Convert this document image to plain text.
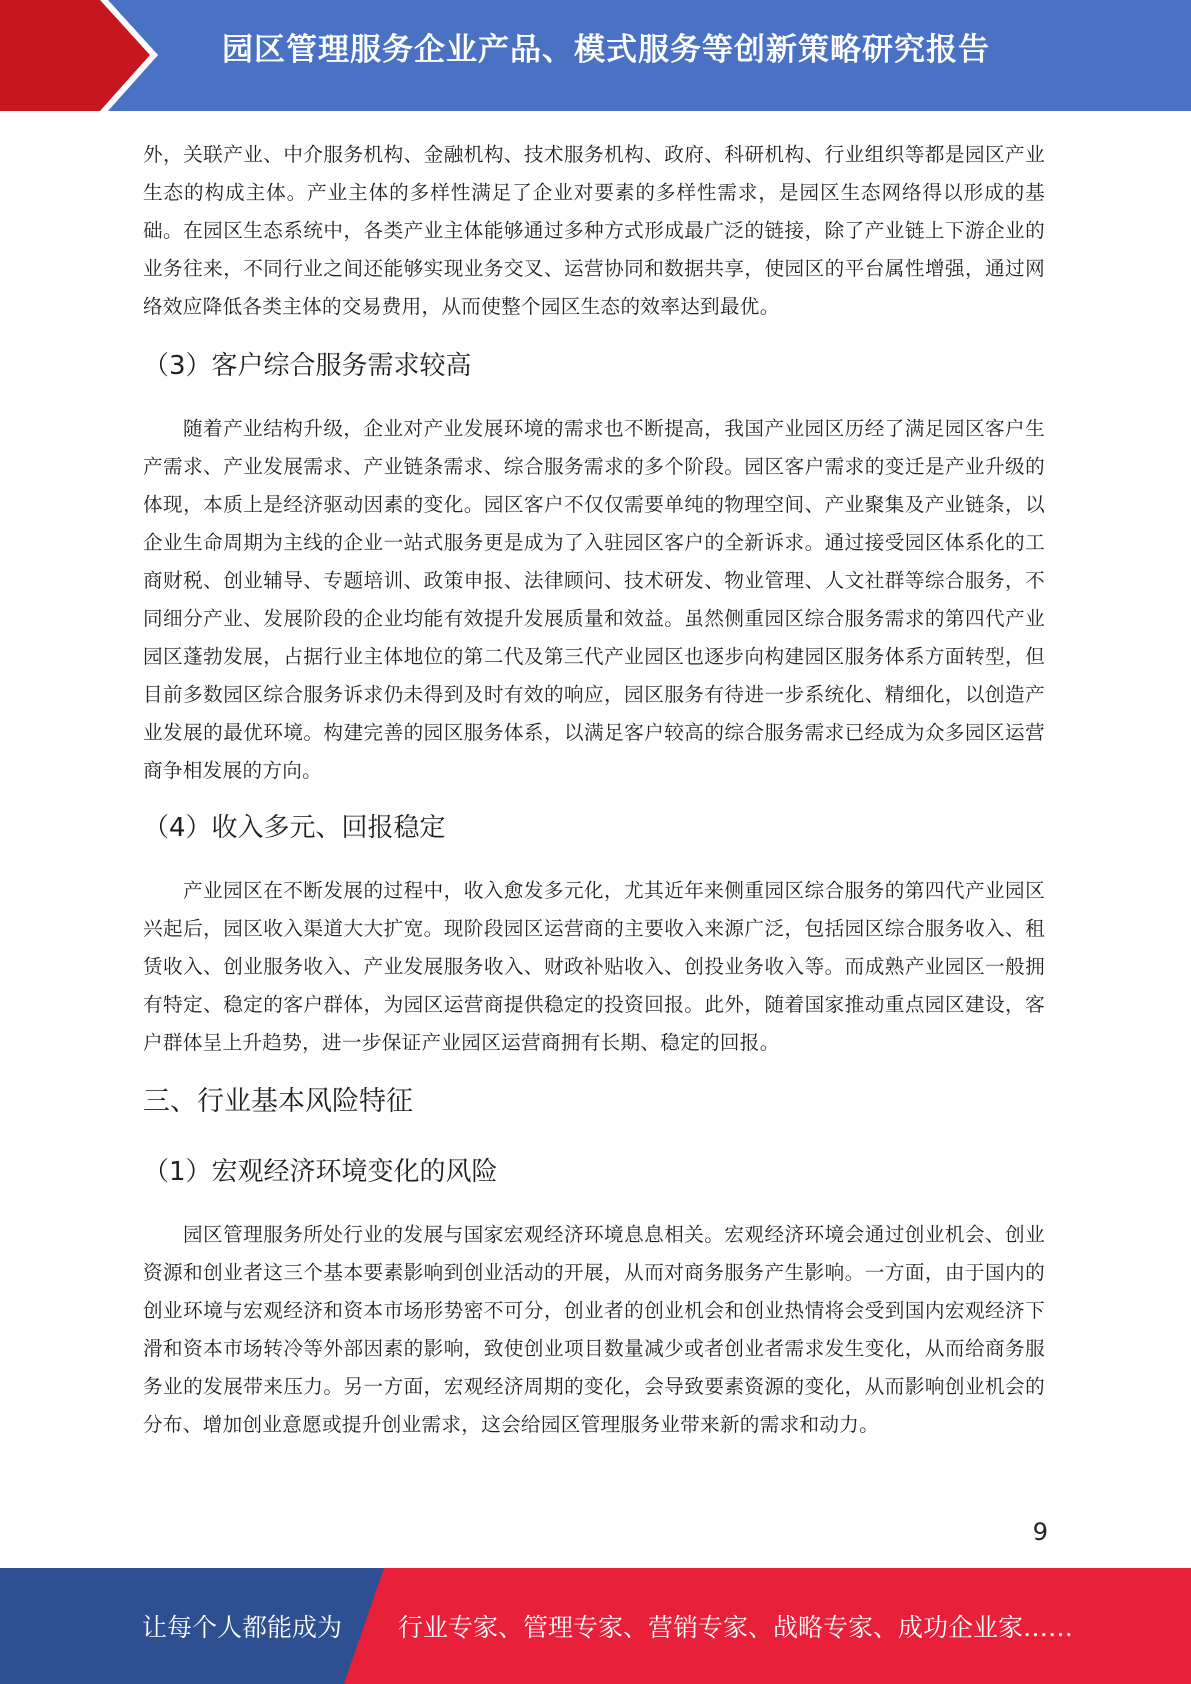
园区管理服务企业产品、模式服务等创新策略研究报告

外，关联产业、中介服务机构、金融机构、技术服务机构、政府、科研机构、行业组织等都是园区产业生态的构成主体。产业主体的多样性满足了企业对要素的多样性需求，是园区生态网络得以形成的基础。在园区生态系统中，各类产业主体能够通过多种方式形成最广泛的链接，除了产业链上下游企业的业务往来，不同行业之间还能够实现业务交叉、运营协同和数据共享，使园区的平台属性增强，通过网络效应降低各类主体的交易费用，从而使整个园区生态的效率达到最优。

（3）客户综合服务需求较高

随着产业结构升级，企业对产业发展环境的需求也不断提高，我国产业园区历经了满足园区客户生产需求、产业发展需求、产业链条需求、综合服务需求的多个阶段。园区客户需求的变迁是产业升级的体现，本质上是经济驱动因素的变化。园区客户不仅仅需要单纯的物理空间、产业聚集及产业链条，以企业生命周期为主线的企业一站式服务更是成为了入驻园区客户的全新诉求。通过接受园区体系化的工商财税、创业辅导、专题培训、政策申报、法律顾问、技术研发、物业管理、人文社群等综合服务，不同细分产业、发展阶段的企业均能有效提升发展质量和效益。虽然侧重园区综合服务需求的第四代产业园区蓬勃发展，占据行业主体地位的第二代及第三代产业园区也逐步向构建园区服务体系方面转型，但目前多数园区综合服务诉求仍未得到及时有效的响应，园区服务有待进一步系统化、精细化，以创造产业发展的最优环境。构建完善的园区服务体系，以满足客户较高的综合服务需求已经成为众多园区运营商争相发展的方向。

（4）收入多元、回报稳定

产业园区在不断发展的过程中，收入愈发多元化，尤其近年来侧重园区综合服务的第四代产业园区兴起后，园区收入渠道大大扩宽。现阶段园区运营商的主要收入来源广泛，包括园区综合服务收入、租赁收入、创业服务收入、产业发展服务收入、财政补贴收入、创投业务收入等。而成熟产业园区一般拥有特定、稳定的客户群体，为园区运营商提供稳定的投资回报。此外，随着国家推动重点园区建设，客户群体呈上升趋势，进一步保证产业园区运营商拥有长期、稳定的回报。

三、行业基本风险特征
（1）宏观经济环境变化的风险

园区管理服务所处行业的发展与国家宏观经济环境息息相关。宏观经济环境会通过创业机会、创业资源和创业者这三个基本要素影响到创业活动的开展，从而对商务服务产生影响。一方面，由于国内的创业环境与宏观经济和资本市场形势密不可分，创业者的创业机会和创业热情将会受到国内宏观经济下滑和资本市场转冷等外部因素的影响，致使创业项目数量减少或者创业者需求发生变化，从而给商务服务业的发展带来压力。另一方面，宏观经济周期的变化，会导致要素资源的变化，从而影响创业机会的分布、增加创业意愿或提升创业需求，这会给园区管理服务业带来新的需求和动力。

9
让每个人都能成为 行业专家、管理专家、营销专家、战略专家、成功企业家……
